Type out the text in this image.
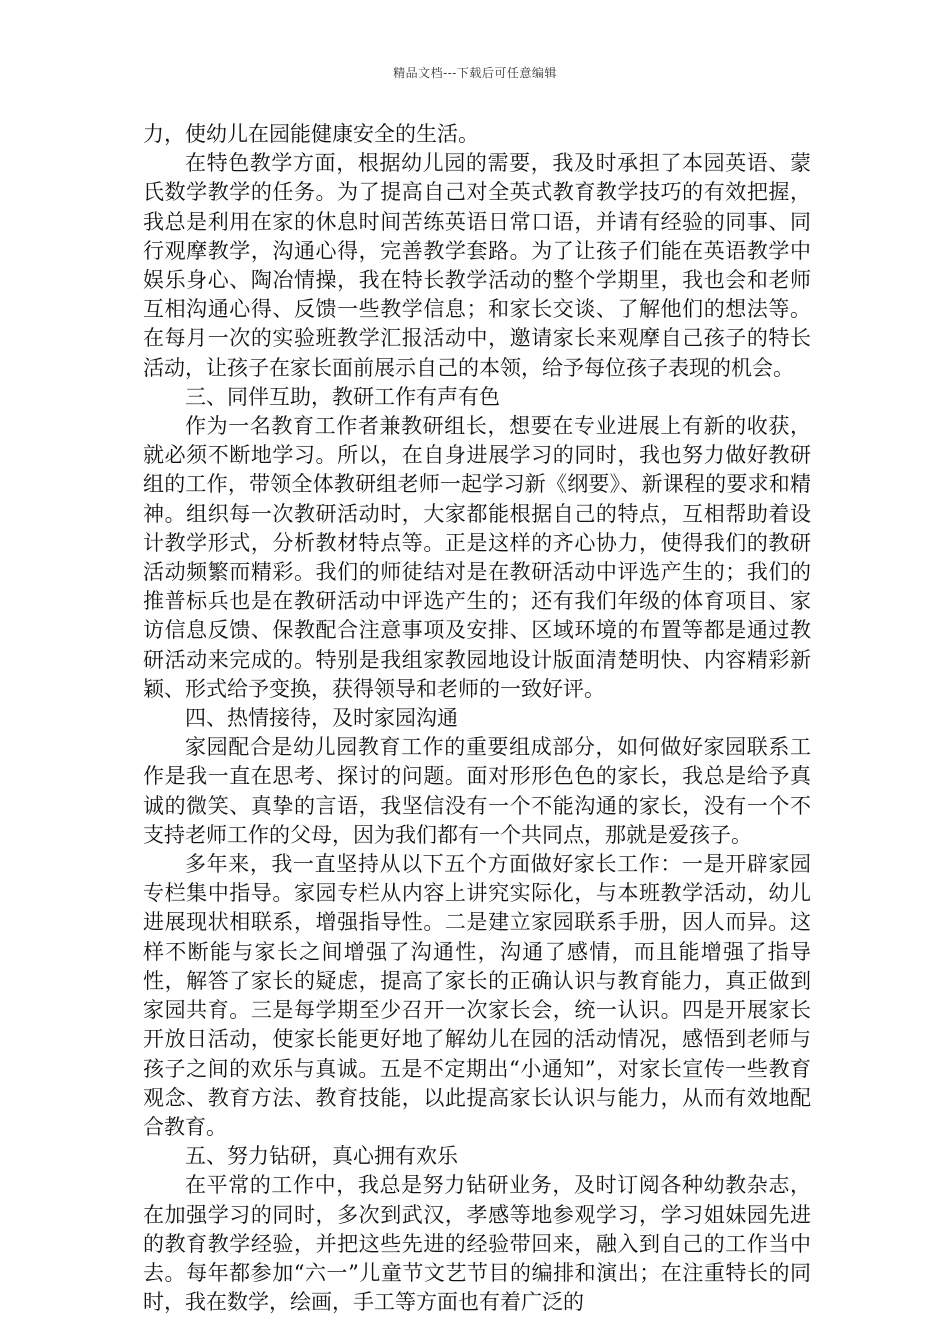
精品文档---下载后可任意编辑

力，使幼儿在园能健康安全的生活。

在特色教学方面，根据幼儿园的需要，我及时承担了本园英语、蒙氏数学教学的任务。为了提高自己对全英式教育教学技巧的有效把握，我总是利用在家的休息时间苦练英语日常口语，并请有经验的同事、同行观摩教学，沟通心得，完善教学套路。为了让孩子们能在英语教学中娱乐身心、陶冶情操，我在特长教学活动的整个学期里，我也会和老师互相沟通心得、反馈一些教学信息；和家长交谈、了解他们的想法等。在每月一次的实验班教学汇报活动中，邀请家长来观摩自己孩子的特长活动，让孩子在家长面前展示自己的本领，给予每位孩子表现的机会。

三、同伴互助，教研工作有声有色

作为一名教育工作者兼教研组长，想要在专业进展上有新的收获，就必须不断地学习。所以，在自身进展学习的同时，我也努力做好教研组的工作，带领全体教研组老师一起学习新《纲要》、新课程的要求和精神。组织每一次教研活动时，大家都能根据自己的特点，互相帮助着设计教学形式，分析教材特点等。正是这样的齐心协力，使得我们的教研活动频繁而精彩。我们的师徒结对是在教研活动中评选产生的；我们的推普标兵也是在教研活动中评选产生的；还有我们年级的体育项目、家访信息反馈、保教配合注意事项及安排、区域环境的布置等都是通过教研活动来完成的。特别是我组家教园地设计版面清楚明快、内容精彩新颖、形式给予变换，获得领导和老师的一致好评。

四、热情接待，及时家园沟通

家园配合是幼儿园教育工作的重要组成部分，如何做好家园联系工作是我一直在思考、探讨的问题。面对形形色色的家长，我总是给予真诚的微笑、真挚的言语，我坚信没有一个不能沟通的家长，没有一个不支持老师工作的父母，因为我们都有一个共同点，那就是爱孩子。

多年来，我一直坚持从以下五个方面做好家长工作：一是开辟家园专栏集中指导。家园专栏从内容上讲究实际化，与本班教学活动，幼儿进展现状相联系，增强指导性。二是建立家园联系手册，因人而异。这样不断能与家长之间增强了沟通性，沟通了感情，而且能增强了指导性，解答了家长的疑虑，提高了家长的正确认识与教育能力，真正做到家园共育。三是每学期至少召开一次家长会，统一认识。四是开展家长开放日活动，使家长能更好地了解幼儿在园的活动情况，感悟到老师与孩子之间的欢乐与真诚。五是不定期出“小通知”，对家长宣传一些教育观念、教育方法、教育技能，以此提高家长认识与能力，从而有效地配合教育。

五、努力钻研，真心拥有欢乐

在平常的工作中，我总是努力钻研业务，及时订阅各种幼教杂志，在加强学习的同时，多次到武汉，孝感等地参观学习，学习姐妹园先进的教育教学经验，并把这些先进的经验带回来，融入到自己的工作当中去。每年都参加“六一”儿童节文艺节目的编排和演出；在注重特长的同时，我在数学，绘画，手工等方面也有着广泛的
